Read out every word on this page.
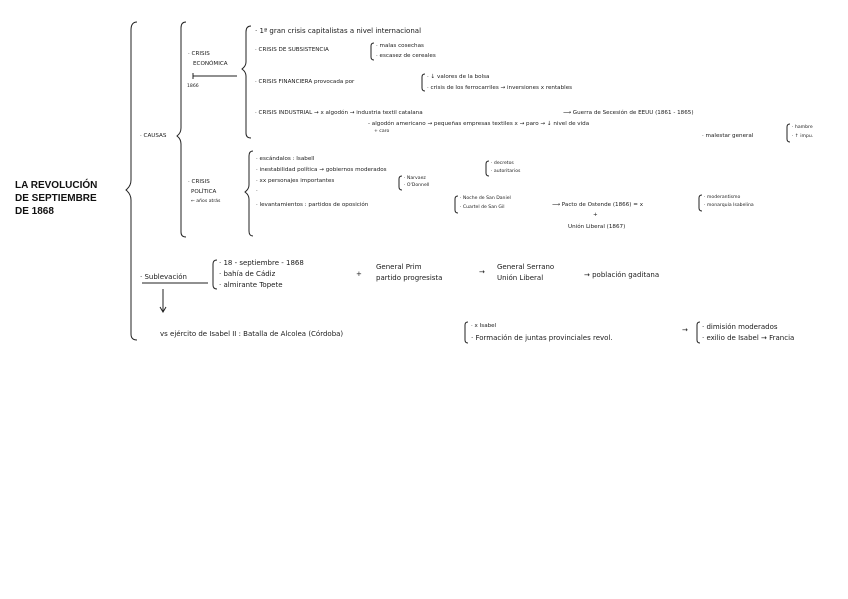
LA REVOLUCIÓN
DE SEPTIEMBRE
DE 1868
· CAUSAS
· CRISIS
ECONÓMICA
1866
· 1ª gran crisis capitalistas a nivel internacional
· CRISIS DE SUBSISTENCIA
· malas cosechas
· escasez de cereales
· CRISIS FINANCIERA provocada por
· ↓ valores de la bolsa
· crisis de los ferrocarriles → inversiones x rentables
· CRISIS INDUSTRIAL → x algodón → industria textil catalana	⟶ Guerra de Secesión de EEUU (1861 - 1865)
- algodón americano → pequeñas empresas textiles x → paro → ↓ nivel de vida
+ caro
· malestar general
· hambre
· ↑ impu.
· CRISIS
POLÍTICA
← años atrás
· escándalos : Isabell
· inestabilidad política → gobiernos moderados
· decretos
· autoritarios
· xx personajes importantes	· Narvaez
· O'Donnell
·
· levantamientos : partidos de oposición
· Noche de San Daniel
· Cuartel de San Gil	⟶ Pacto de Ostende (1866) = x
· moderantismo
· monarquía Isabelina
+
Unión Liberal (1867)
· Sublevación
· 18 - septiembre - 1868
· bahía de Cádiz
· almirante Topete
+
General Prim
partido progresista
→
General Serrano
Unión Liberal	→ población gaditana
vs ejército de Isabel II : Batalla de Alcolea (Córdoba)
· x Isabel
· Formación de juntas provinciales revol.
→ · dimisión moderados
· exilio de Isabel → Francia
